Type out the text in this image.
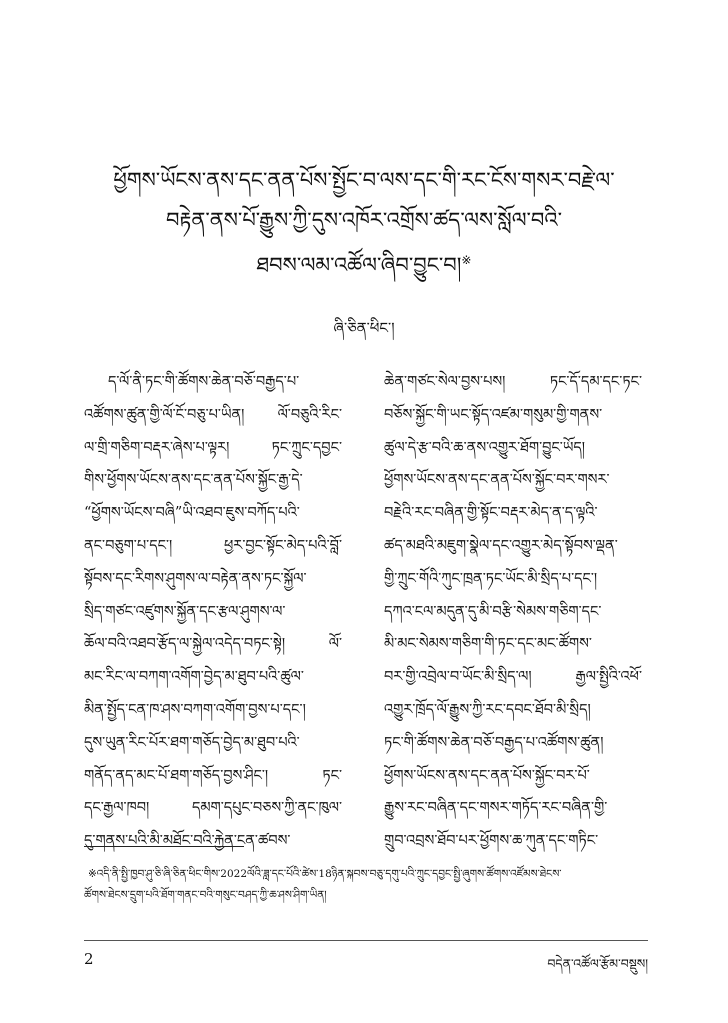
ཕྱོགས་ཡོངས་ནས་དང་ནན་པོས་སྤྱོང་བ་ལས་དང་གི་རང་ངོས་གསར་བརྗེ་ལ་
བརྟེན་ནས་པོ་རྒྱུས་ཀྱི་དུས་འཁོར་འགྲོས་ཚད་ལས་སློལ་བའི་
ཐབས་ལམ་འཚོལ་ཞིབ་བྱུང་བ།※
ཞི་ཅིན་ཕིང་།
ད་ལོ་ནི་ཏང་གི་ཚོགས་ཆེན་བཅོ་བརྒྱད་པ་
འཚོགས་ཚུན་གྱི་ལོ་ངོ་བཅུ་པ་ཡིན། ལོ་བཅུའི་རིང་
ལ་གྲི་གཅིག་བརྡར་ཞེས་པ་ལྟར། ཏང་ཀྲུང་དབྱང་
གིས་ཕྱོགས་ཡོངས་ནས་དང་ནན་པོས་སྐྱོང་རྒྱ་དེ་
“ཕྱོགས་ཡོངས་བཞི”ཡི་འཐབ་ཇུས་བཀོད་པའི་
ནང་བཅུག་པ་དང་། ཕྱར་བྱང་སྟོང་མེད་པའི་བློ་
སྟོབས་དང་རིགས་ཤུགས་ལ་བརྟེན་ནས་ཏང་སྐྱོལ་
སྲིད་གཙང་འཛུགས་སྐྱོན་དང་རྩལ་ཤུགས་ལ་
ཆོལ་བའི་འཐབ་རྩོད་ལ་སྐྱེལ་འདེད་བཏང་སྟེ། ལོ་
མང་རིང་ལ་བཀག་འགོག་བྱེད་མ་ཐུབ་པའི་ཚུལ་
མིན་སྤྱོད་ངན་ཁ་ཤས་བཀག་འགོག་བྱས་པ་དང་།
དུས་ཡུན་རིང་པོར་ཐག་གཅོད་བྱེད་མ་ཐུབ་པའི་
གནོད་ནད་མང་པོ་ཐག་གཅོད་བྱས་ཤིང་། ཏང་
དང་རྒྱལ་ཁབ། དམག་དཔུང་བཅས་ཀྱི་ནང་ཁུལ་
དུ་གནས་པའི་མི་མཐོང་བའི་རྐྱེན་ངན་ཚབས་
ཆེན་གཙང་སེལ་བྱས་པས། ཏང་དོ་དམ་དང་ཏང་
བཅོས་སྐྱོང་གི་ཡང་སྟོད་འཛམ་གསུམ་གྱི་གནས་
ཚུལ་དེ་རྩ་བའི་ཆ་ནས་འགྱུར་ཐོག་བྱུང་ཡོད།
ཕྱོགས་ཡོངས་ནས་དང་ནན་པོས་སྐྱོང་བར་གསར་
བརྗེའི་རང་བཞིན་གྱི་སྟོང་བརྡར་མེད་ན་ད་ལྟའི་
ཚད་མཐའི་མཇུག་སྣེལ་དང་འགྱུར་མེད་སྟོབས་ལྡན་
གྱི་ཀྲུང་གོའི་ཀུང་ཁྲན་ཏང་ཡོང་མི་སྲིད་པ་དང་།
དཀའ་ངལ་མདུན་དུ་མི་བརྩི་སེམས་གཅིག་དང་
མི་མང་སེམས་གཅིག་གི་ཏང་དང་མང་ཚོགས་
བར་གྱི་འབྲེལ་བ་ཡོང་མི་སྲིད་ལ། རྒྱལ་སྤྱིའི་འཕོ་
འགྱུར་ཁྲོད་ལོ་རྒྱུས་ཀྱི་རང་དབང་ཐོབ་མི་སྲིད།
ཏང་གི་ཚོགས་ཆེན་བཅོ་བརྒྱད་པ་འཚོགས་ཚུན།
ཕྱོགས་ཡོངས་ནས་དང་ནན་པོས་སྐྱོང་བར་པོ་
རྒྱུས་རང་བཞིན་དང་གསར་གཏོད་རང་བཞིན་གྱི་
གྲུབ་འབྲས་ཐོབ་པར་ཕྱོགས་ཆ་ཀུན་དང་གཏིང་
※འདི་ནི་སྤྱི་ཁྱབ་ཤུ་ཅི་ཞི་ཅིན་ཕིང་གིས་2022ལོའི་ཟླ་དང་པོའི་ཚེས་18ཉིན་སྐབས་བཅུ་དགུ་པའི་ཀྲུང་དབྱང་སྤྱི་ཞུགས་ཚོགས་འཛོམས་ཐེངས་
ཚོགས་ཐེངས་དྲུག་པའི་ཐོག་གནང་བའི་གསུང་བཤད་ཀྱི་ཆ་ཤས་ཤིག་ཡིན།
2	བདེན་འཚོལ་རྩོམ་བསྡུས།
